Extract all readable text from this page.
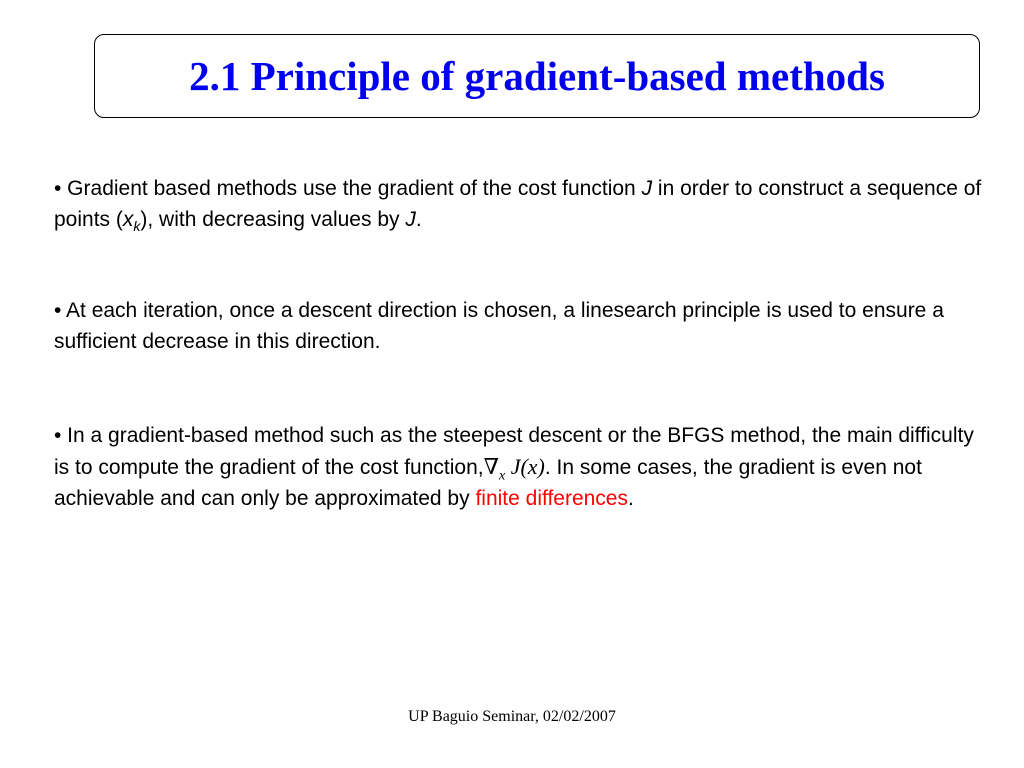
2.1 Principle of gradient-based methods

• Gradient based methods use the gradient of the cost function J in order to construct a sequence of points $(x_k)$, with decreasing values by J.

• At each iteration, once a descent direction is chosen, a linesearch principle is used to ensure a sufficient decrease in this direction.

• In a gradient-based method such as the steepest descent or the BFGS method, the main difficulty is to compute the gradient of the cost $function,\nabla_x$ J(x). In some cases, the gradient is even not achievable and can only be approximated by finite differences.

UP Baguio Seminar, 02/02/2007
